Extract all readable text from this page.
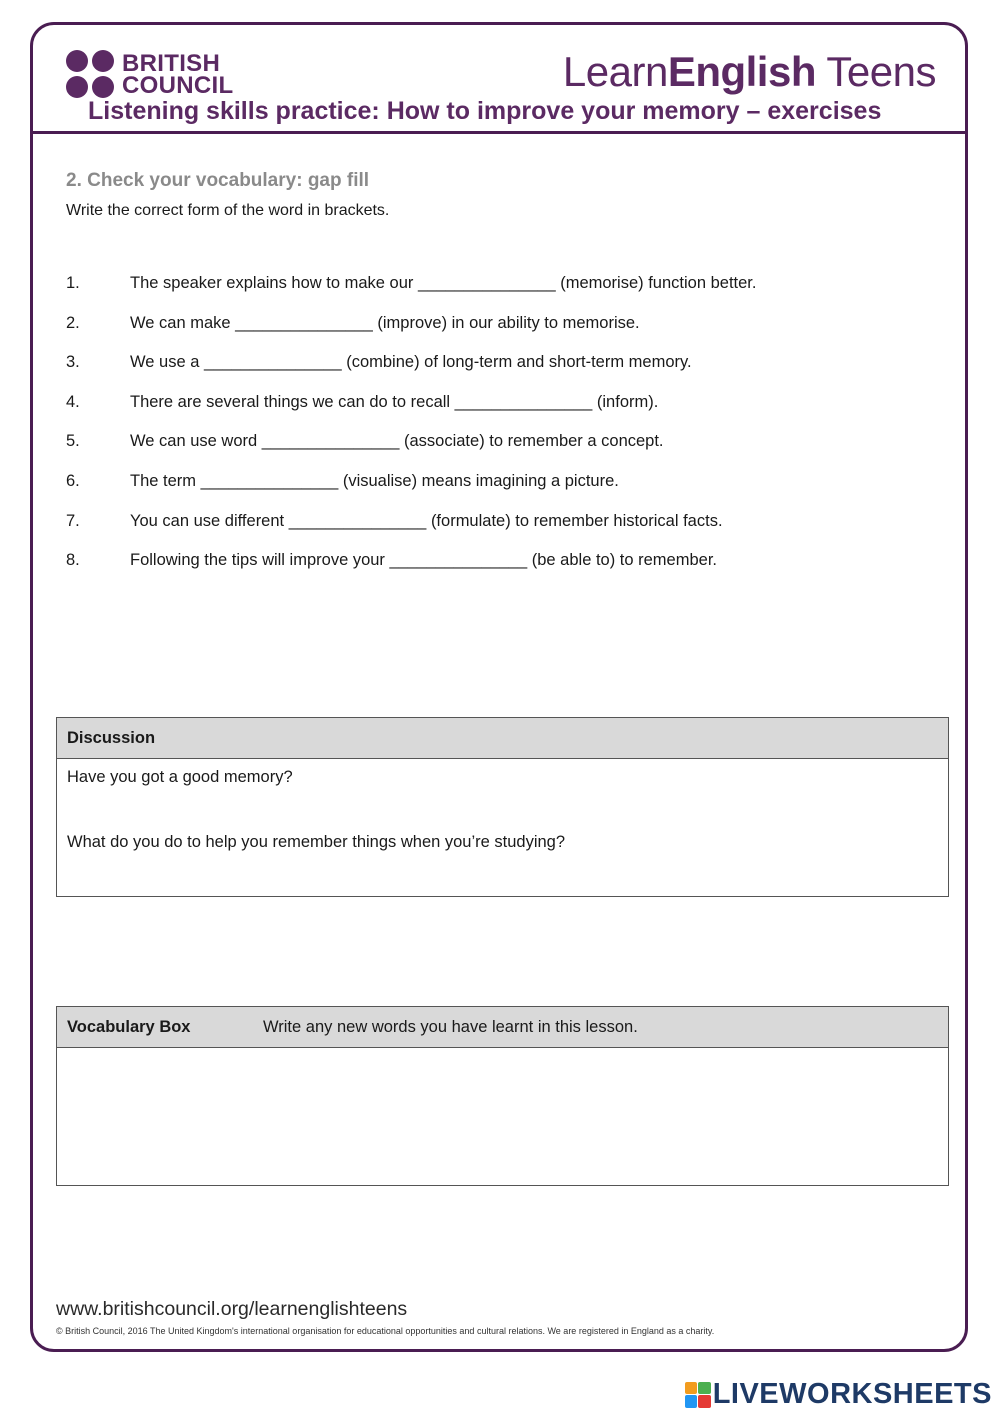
BRITISH
COUNCIL	LearnEnglish Teens
Listening skills practice: How to improve your memory – exercises
2. Check your vocabulary: gap fill
Write the correct form of the word in brackets.
1.	The speaker explains how to make our _______________ (memorise) function better.
2.	We can make _______________ (improve) in our ability to memorise.
3.	We use a _______________ (combine) of long-term and short-term memory.
4.	There are several things we can do to recall _______________ (inform).
5.	We can use word _______________ (associate) to remember a concept.
6.	The term _______________ (visualise) means imagining a picture.
7.	You can use different _______________ (formulate) to remember historical facts.
8.	Following the tips will improve your _______________ (be able to) to remember.
Discussion

Have you got a good memory?

What do you do to help you remember things when you’re studying?

Vocabulary Box	Write any new words you have learnt in this lesson.
www.britishcouncil.org/learnenglishteens
© British Council, 2016 The United Kingdom's international organisation for educational opportunities and cultural relations. We are registered in England as a charity.
LIVEWORKSHEETS
